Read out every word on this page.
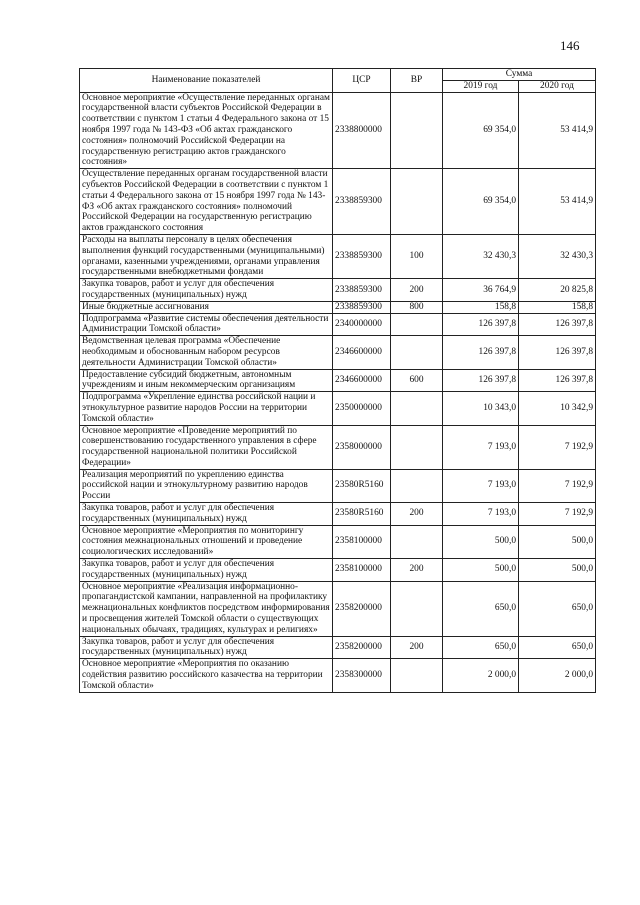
146
Наименование показателей	ЦСР	ВР	Сумма	
			2019 год	2020 год
Основное мероприятие «Осуществление переданных органам государственной власти субъектов Российской Федерации в соответствии с пунктом 1 статьи 4 Федерального закона от 15 ноября 1997 года № 143-ФЗ «Об актах гражданского состояния» полномочий Российской Федерации на государственную регистрацию актов гражданского состояния»	2338800000		69 354,0	53 414,9
Осуществление переданных органам государственной власти субъектов Российской Федерации в соответствии с пунктом 1 статьи 4 Федерального закона от 15 ноября 1997 года № 143-ФЗ «Об актах гражданского состояния» полномочий Российской Федерации на государственную регистрацию актов гражданского состояния	2338859300		69 354,0	53 414,9
Расходы на выплаты персоналу в целях обеспечения выполнения функций государственными (муниципальными) органами, казенными учреждениями, органами управления государственными внебюджетными фондами	2338859300	100	32 430,3	32 430,3
Закупка товаров, работ и услуг для обеспечения государственных (муниципальных) нужд	2338859300	200	36 764,9	20 825,8
Иные бюджетные ассигнования	2338859300	800	158,8	158,8
Подпрограмма «Развитие системы обеспечения деятельности Администрации Томской области»	2340000000		126 397,8	126 397,8
Ведомственная целевая программа «Обеспечение необходимым и обоснованным набором ресурсов деятельности Администрации Томской области»	2346600000		126 397,8	126 397,8
Предоставление субсидий бюджетным, автономным учреждениям и иным некоммерческим организациям	2346600000	600	126 397,8	126 397,8
Подпрограмма «Укрепление единства российской нации и этнокультурное развитие народов России на территории Томской области»	2350000000		10 343,0	10 342,9
Основное мероприятие «Проведение мероприятий по совершенствованию государственного управления в сфере государственной национальной политики Российской Федерации»	2358000000		7 193,0	7 192,9
Реализация мероприятий по укреплению единства российской нации и этнокультурному развитию народов России	23580R5160		7 193,0	7 192,9
Закупка товаров, работ и услуг для обеспечения государственных (муниципальных) нужд	23580R5160	200	7 193,0	7 192,9
Основное мероприятие «Мероприятия по мониторингу состояния межнациональных отношений и проведение социологических исследований»	2358100000		500,0	500,0
Закупка товаров, работ и услуг для обеспечения государственных (муниципальных) нужд	2358100000	200	500,0	500,0
Основное мероприятие «Реализация информационно-пропагандистской кампании, направленной на профилактику межнациональных конфликтов посредством информирования и просвещения жителей Томской области о существующих национальных обычаях, традициях, культурах и религиях»	2358200000		650,0	650,0
Закупка товаров, работ и услуг для обеспечения государственных (муниципальных) нужд	2358200000	200	650,0	650,0
Основное мероприятие «Мероприятия по оказанию содействия развитию российского казачества на территории Томской области»	2358300000		2 000,0	2 000,0
